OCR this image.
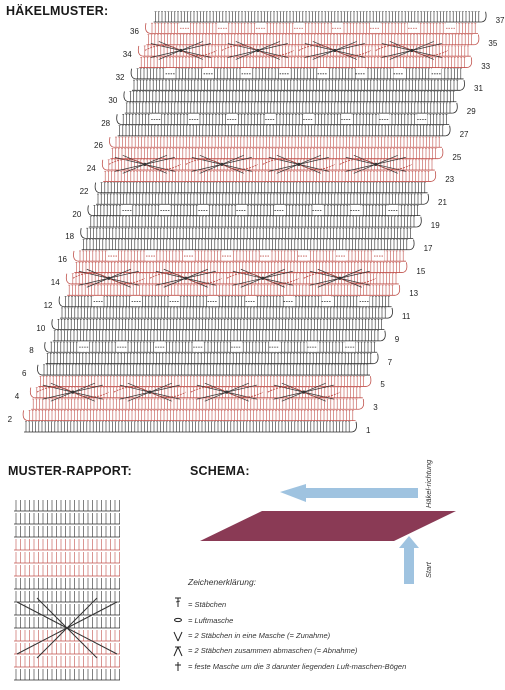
HÄKELMUSTER:
MUSTER-RAPPORT:	SCHEMA:
1
3
5
7
9
11
13
15
17
19
21
23
25
27
29
31
33
35
37
2
4
6
8
10
12
14
16
18
20
22
24
26
28
30
32
34
36
Häkel-richtung
Start
Zeichenerklärung:
= Stäbchen
= Luftmasche
= 2 Stäbchen in eine Masche (= Zunahme)
= 2 Stäbchen zusammen abmaschen (= Abnahme)
= feste Masche um die 3 darunter liegenden Luft-maschen-Bögen
